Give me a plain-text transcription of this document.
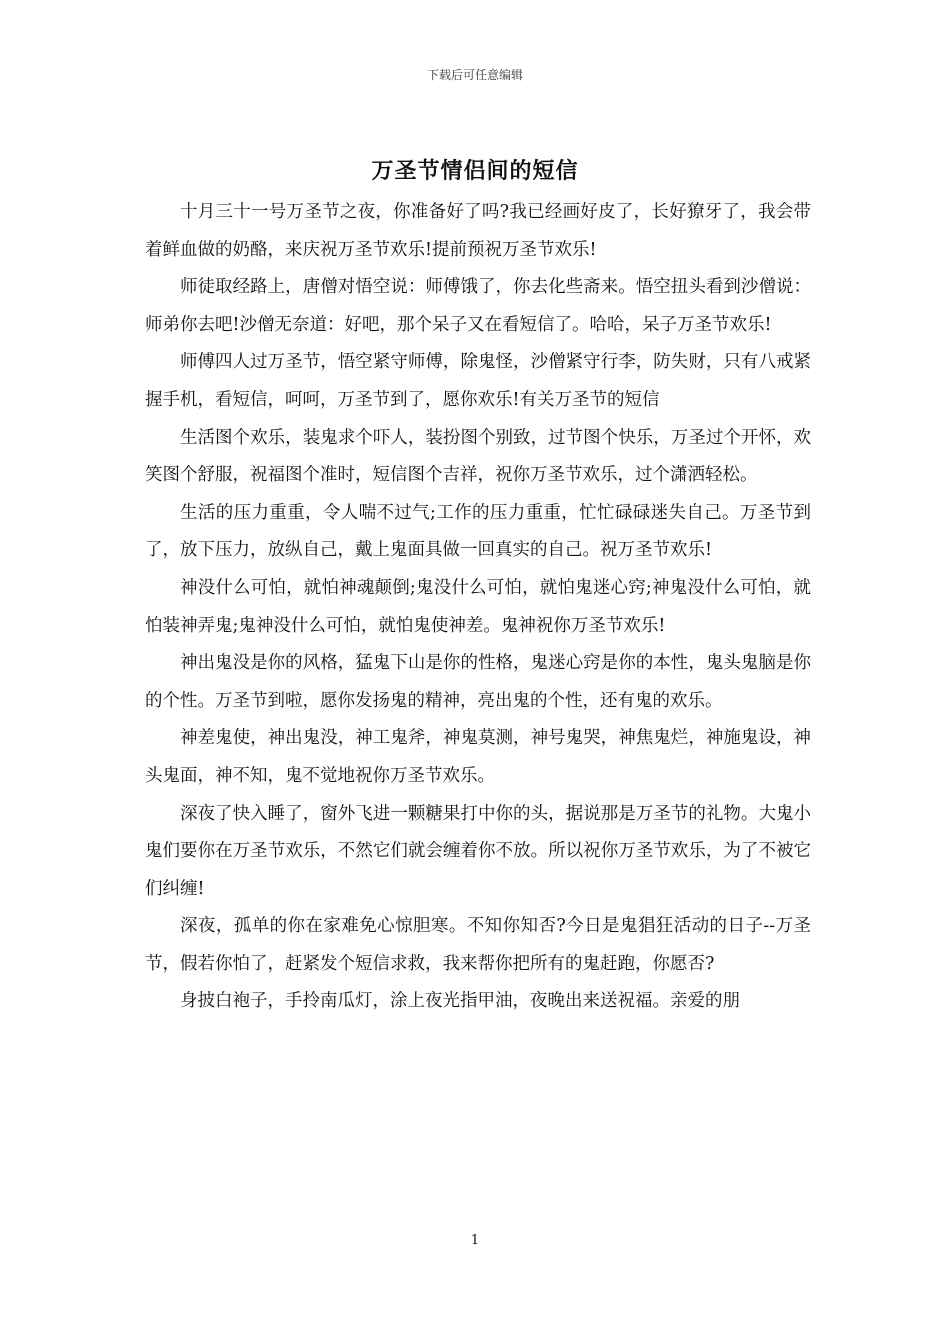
下载后可任意编辑
万圣节情侣间的短信

十月三十一号万圣节之夜，你准备好了吗?我已经画好皮了，长好獠牙了，我会带着鲜血做的奶酪，来庆祝万圣节欢乐!提前预祝万圣节欢乐!

师徒取经路上，唐僧对悟空说：师傅饿了，你去化些斋来。悟空扭头看到沙僧说：师弟你去吧!沙僧无奈道：好吧，那个呆子又在看短信了。哈哈，呆子万圣节欢乐!

师傅四人过万圣节，悟空紧守师傅，除鬼怪，沙僧紧守行李，防失财，只有八戒紧握手机，看短信，呵呵，万圣节到了，愿你欢乐!有关万圣节的短信

生活图个欢乐，装鬼求个吓人，装扮图个别致，过节图个快乐，万圣过个开怀，欢笑图个舒服，祝福图个准时，短信图个吉祥，祝你万圣节欢乐，过个潇洒轻松。

生活的压力重重，令人喘不过气;工作的压力重重，忙忙碌碌迷失自己。万圣节到了，放下压力，放纵自己，戴上鬼面具做一回真实的自己。祝万圣节欢乐!

神没什么可怕，就怕神魂颠倒;鬼没什么可怕，就怕鬼迷心窍;神鬼没什么可怕，就怕装神弄鬼;鬼神没什么可怕，就怕鬼使神差。鬼神祝你万圣节欢乐!

神出鬼没是你的风格，猛鬼下山是你的性格，鬼迷心窍是你的本性，鬼头鬼脑是你的个性。万圣节到啦，愿你发扬鬼的精神，亮出鬼的个性，还有鬼的欢乐。

神差鬼使，神出鬼没，神工鬼斧，神鬼莫测，神号鬼哭，神焦鬼烂，神施鬼设，神头鬼面，神不知，鬼不觉地祝你万圣节欢乐。

深夜了快入睡了，窗外飞进一颗糖果打中你的头，据说那是万圣节的礼物。大鬼小鬼们要你在万圣节欢乐，不然它们就会缠着你不放。所以祝你万圣节欢乐，为了不被它们纠缠!

深夜，孤单的你在家难免心惊胆寒。不知你知否?今日是鬼猖狂活动的日子--万圣节，假若你怕了，赶紧发个短信求救，我来帮你把所有的鬼赶跑，你愿否?

身披白袍子，手拎南瓜灯，涂上夜光指甲油，夜晚出来送祝福。亲爱的朋

1
